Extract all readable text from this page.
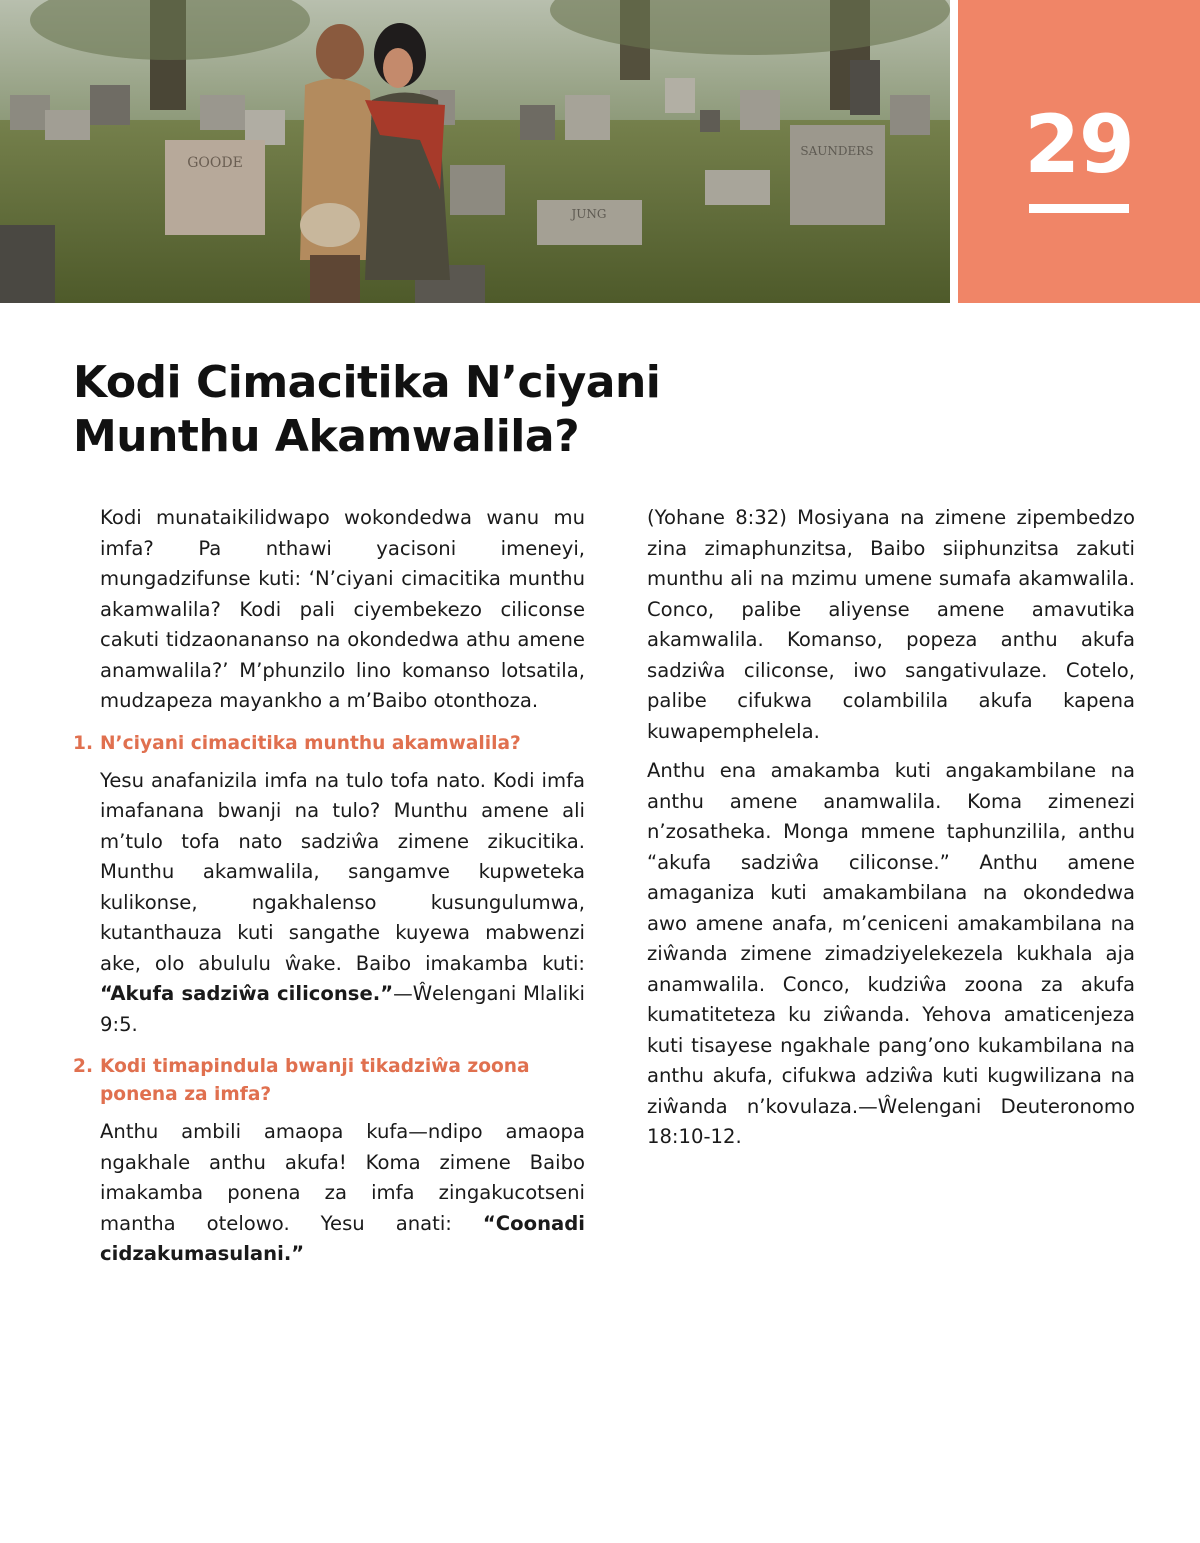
GOODE
SAUNDERS
JUNG
29
Kodi Cimacitika N’ciyani
Munthu Akamwalila?

Kodi munataikilidwapo wokondedwa wanu mu imfa? Pa nthawi yacisoni imeneyi, mungadzifunse kuti: ‘N’ciyani cimacitika munthu akamwalila? Kodi pali ciyembekezo ciliconse cakuti tidzaonananso na okondedwa athu amene anamwalila?’ M’phunzilo lino komanso lotsatila, mudzapeza mayankho a m’Baibo otonthoza.

1. N’ciyani cimacitika munthu akamwalila?

Yesu anafanizila imfa na tulo tofa nato. Kodi imfa imafanana bwanji na tulo? Munthu amene ali m’tulo tofa nato sadziŵa zimene zikucitika. Munthu akamwalila, sangamve kupweteka kulikonse, ngakhalenso kusungulumwa, kutanthauza kuti sangathe kuyewa mabwenzi ake, olo abululu ŵake. Baibo imakamba kuti: “Akufa sadziŵa ciliconse.”—Ŵelengani Mlaliki 9:5.

2. Kodi timapindula bwanji tikadziŵa zoona ponena za imfa?

Anthu ambili amaopa kufa—ndipo amaopa ngakhale anthu akufa! Koma zimene Baibo imakamba ponena za imfa zingakucotseni mantha otelowo. Yesu anati: “Coonadi cidzakumasulani.”

(Yohane 8:32) Mosiyana na zimene zipembedzo zina zimaphunzitsa, Baibo siiphunzitsa zakuti munthu ali na mzimu umene sumafa akamwalila. Conco, palibe aliyense amene amavutika akamwalila. Komanso, popeza anthu akufa sadziŵa ciliconse, iwo sangativulaze. Cotelo, palibe cifukwa colambilila akufa kapena kuwapemphelela.

Anthu ena amakamba kuti angakambilane na anthu amene anamwalila. Koma zimenezi n’zosatheka. Monga mmene taphunzilila, anthu “akufa sadziŵa ciliconse.” Anthu amene amaganiza kuti amakambilana na okondedwa awo amene anafa, m’ceniceni amakambilana na ziŵanda zimene zimadziyelekezela kukhala aja anamwalila. Conco, kudziŵa zoona za akufa kumatiteteza ku ziŵanda. Yehova amaticenjeza kuti tisayese ngakhale pang’ono kukambilana na anthu akufa, cifukwa adziŵa kuti kugwilizana na ziŵanda n’kovulaza.—Ŵelengani Deuteronomo 18:10-12.
